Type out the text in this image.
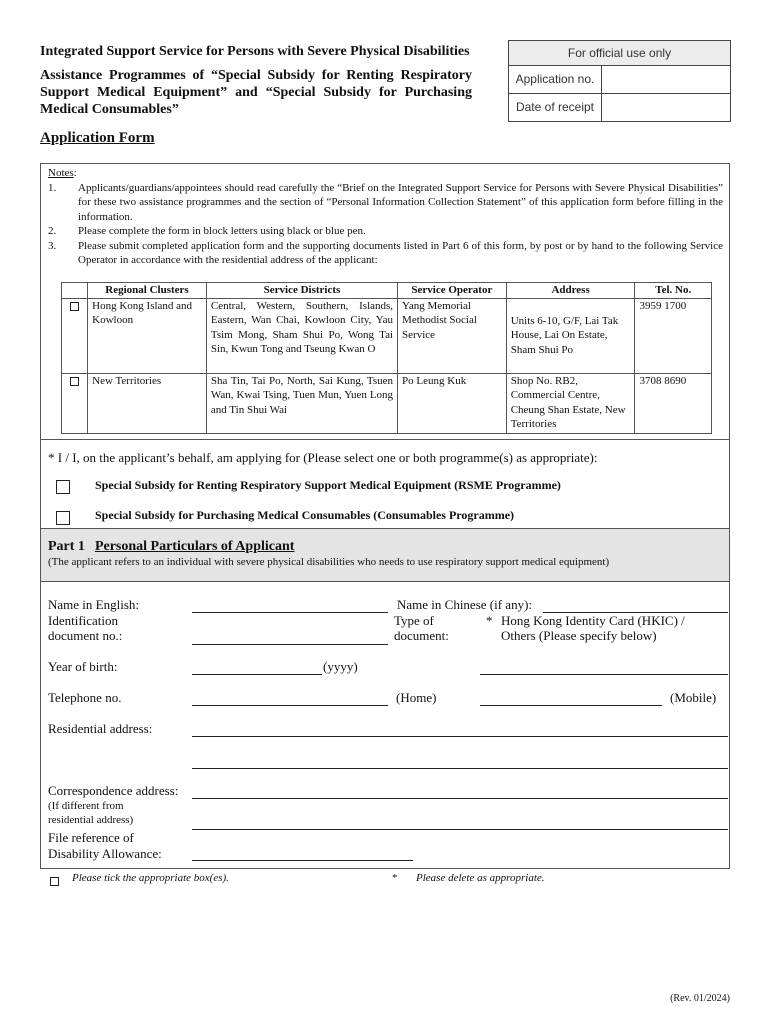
Integrated Support Service for Persons with Severe Physical Disabilities
Assistance Programmes of “Special Subsidy for Renting Respiratory Support Medical Equipment” and “Special Subsidy for Purchasing Medical Consumables”
Application Form
For official use only
Application no.
Date of receipt
Notes:
1.	Applicants/guardians/appointees should read carefully the “Brief on the Integrated Support Service for Persons with Severe Physical Disabilities” for these two assistance programmes and the section of “Personal Information Collection Statement” of this application form before filling in the information.
2.	Please complete the form in block letters using black or blue pen.
3.	Please submit completed application form and the supporting documents listed in Part 6 of this form, by post or by hand to the following Service Operator in accordance with the residential address of the applicant:
	Regional Clusters	Service Districts	Service Operator	Address	Tel. No.
	Hong Kong Island and Kowloon	Central, Western, Southern, Islands, Eastern, Wan Chai, Kowloon City, Yau Tsim Mong, Sham Shui Po, Wong Tai Sin, Kwun Tong and Tseung Kwan O	Yang Memorial Methodist Social Service	Units 6-10, G/F, Lai Tak House, Lai On Estate, Sham Shui Po	3959 1700
	New Territories	Sha Tin, Tai Po, North, Sai Kung, Tsuen Wan, Kwai Tsing, Tuen Mun, Yuen Long and Tin Shui Wai	Po Leung Kuk	Shop No. RB2, Commercial Centre, Cheung Shan Estate, New Territories	3708 8690
* I / I, on the applicant’s behalf, am applying for (Please select one or both programme(s) as appropriate):
Special Subsidy for Renting Respiratory Support Medical Equipment (RSME Programme)
Special Subsidy for Purchasing Medical Consumables (Consumables Programme)
Part 1 Personal Particulars of Applicant
(The applicant refers to an individual with severe physical disabilities who needs to use respiratory support medical equipment)
Name in English:	Name in Chinese (if any):
Identification
document no.:
Type of
document:
* Hong Kong Identity Card (HKIC) /
Others (Please specify below)
Year of birth:	(yyyy)
Telephone no.	(Home)	(Mobile)
Residential address:
Correspondence address:
(If different from
residential address)
File reference of
Disability Allowance:
Please tick the appropriate box(es).	* Please delete as appropriate.
(Rev. 01/2024)
